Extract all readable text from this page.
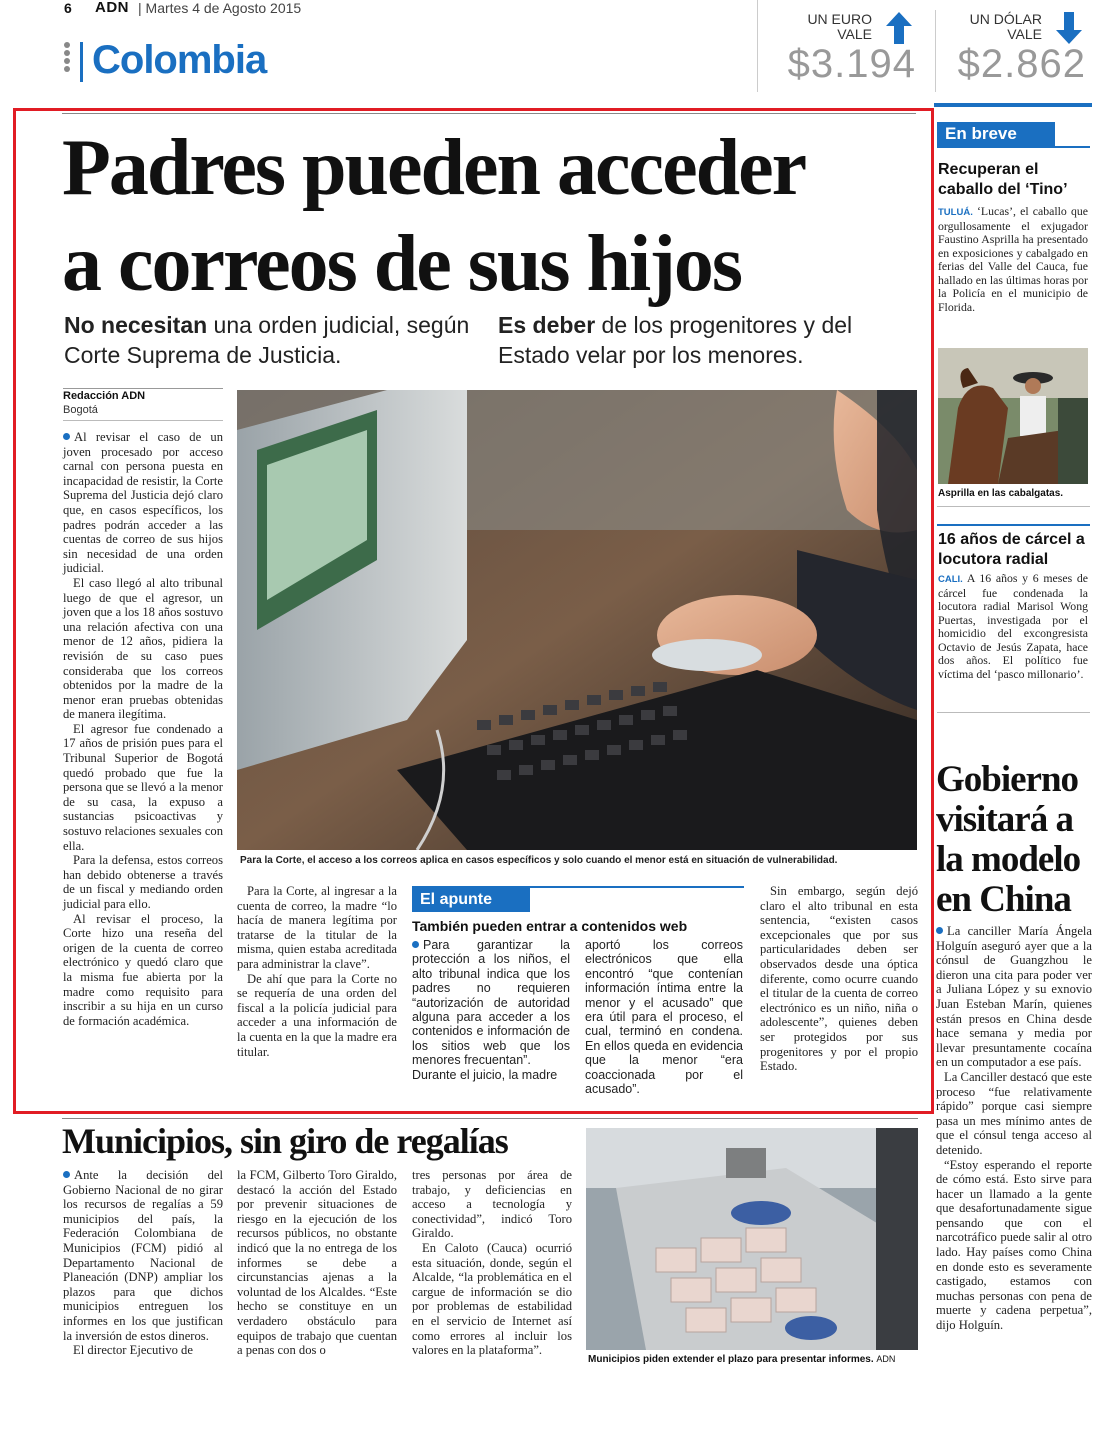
6 ADN | Martes 4 de Agosto 2015
Colombia
UN EURO VALE
$3.194
UN DÓLAR VALE
$2.862
Padres pueden acceder
a correos de sus hijos
No necesitan una orden judicial, según Corte Suprema de Justicia.
Es deber de los progenitores y del Estado velar por los menores.
Redacción ADN
Bogotá

Al revisar el caso de un joven procesado por acceso carnal con persona puesta en incapacidad de resistir, la Corte Suprema del Justicia dejó claro que, en casos específicos, los padres podrán acceder a las cuentas de correo de sus hijos sin necesidad de una orden judicial.

El caso llegó al alto tribunal luego de que el agresor, un joven que a los 18 años sostuvo una relación afectiva con una menor de 12 años, pidiera la revisión de su caso pues consideraba que los correos obtenidos por la madre de la menor eran pruebas obtenidas de manera ilegítima.

El agresor fue condenado a 17 años de prisión pues para el Tribunal Superior de Bogotá quedó probado que fue la persona que se llevó a la menor de su casa, la expuso a sustancias psicoactivas y sostuvo relaciones sexuales con ella.

Para la defensa, estos correos han debido obtenerse a través de un fiscal y mediando orden judicial para ello.

Al revisar el proceso, la Corte hizo una reseña del origen de la cuenta de correo electrónico y quedó claro que la misma fue abierta por la madre como requisito para inscribir a su hija en un curso de formación académica.

Para la Corte, el acceso a los correos aplica en casos específicos y solo cuando el menor está en situación de vulnerabilidad.

Para la Corte, al ingresar a la cuenta de correo, la madre “lo hacía de manera legítima por tratarse de la titular de la misma, quien estaba acreditada para administrar la clave”.

De ahí que para la Corte no se requería de una orden del fiscal a la policía judicial para acceder a una información de la cuenta en la que la madre era titular.

El apunte
También pueden entrar a contenidos web
Para garantizar la protección a los niños, el alto tribunal indica que los padres no requieren “autorización de autoridad alguna para acceder a los contenidos e información de los sitios web que los menores frecuentan”.
Durante el juicio, la madre
aportó los correos electrónicos que ella encontró “que contenían información íntima entre la menor y el acusado” que era útil para el proceso, el cual, terminó en condena. En ellos queda en evidencia que la menor “era coaccionada por el acusado”.

Sin embargo, según dejó claro el alto tribunal en esta sentencia, “existen casos excepcionales que por sus particularidades deben ser observados desde una óptica diferente, como ocurre cuando el titular de la cuenta de correo electrónico es un niño, niña o adolescente”, quienes deben ser protegidos por sus progenitores y por el propio Estado.

En breve
Recuperan el caballo del ‘Tino’
TULUÁ. ‘Lucas’, el caballo que orgullosamente el exjugador Faustino Asprilla ha presentado en exposiciones y cabalgado en ferias del Valle del Cauca, fue hallado en las últimas horas por la Policía en el municipio de Florida.
Asprilla en las cabalgatas.
16 años de cárcel a locutora radial
CALI. A 16 años y 6 meses de cárcel fue condenada la locutora radial Marisol Wong Puertas, investigada por el homicidio del excongresista Octavio de Jesús Zapata, hace dos años. El político fue víctima del ‘pasco millonario’.
Gobierno visitará a la modelo en China

La canciller María Ángela Holguín aseguró ayer que a la cónsul de Guangzhou le dieron una cita para poder ver a Juliana López y su exnovio Juan Esteban Marín, quienes están presos en China desde hace semana y media por llevar presuntamente cocaína en un computador a ese país.

La Canciller destacó que este proceso “fue relativamente rápido” porque casi siempre pasa un mes mínimo antes de que el cónsul tenga acceso al detenido.

“Estoy esperando el reporte de cómo está. Esto sirve para hacer un llamado a la gente que desafortunadamente sigue pensando que con el narcotráfico puede salir al otro lado. Hay países como China en donde esto es severamente castigado, estamos con muchas personas con pena de muerte y cadena perpetua”, dijo Holguín.

Municipios, sin giro de regalías

Ante la decisión del Gobierno Nacional de no girar los recursos de regalías a 59 municipios del país, la Federación Colombiana de Municipios (FCM) pidió al Departamento Nacional de Planeación (DNP) ampliar los plazos para que dichos municipios entreguen los informes en los que justifican la inversión de estos dineros.

El director Ejecutivo de

la FCM, Gilberto Toro Giraldo, destacó la acción del Estado por prevenir situaciones de riesgo en la ejecución de los recursos públicos, no obstante indicó que la no entrega de los informes se debe a circunstancias ajenas a la voluntad de los Alcaldes. “Este hecho se constituye en un verdadero obstáculo para equipos de trabajo que cuentan a penas con dos o

tres personas por área de trabajo, y deficiencias en acceso a tecnología y conectividad”, indicó Toro Giraldo.

En Caloto (Cauca) ocurrió esta situación, donde, según el Alcalde, “la problemática en el cargue de información se dio por problemas de estabilidad en el servicio de Internet así como errores al incluir los valores en la plataforma”.

Municipios piden extender el plazo para presentar informes. ADN
